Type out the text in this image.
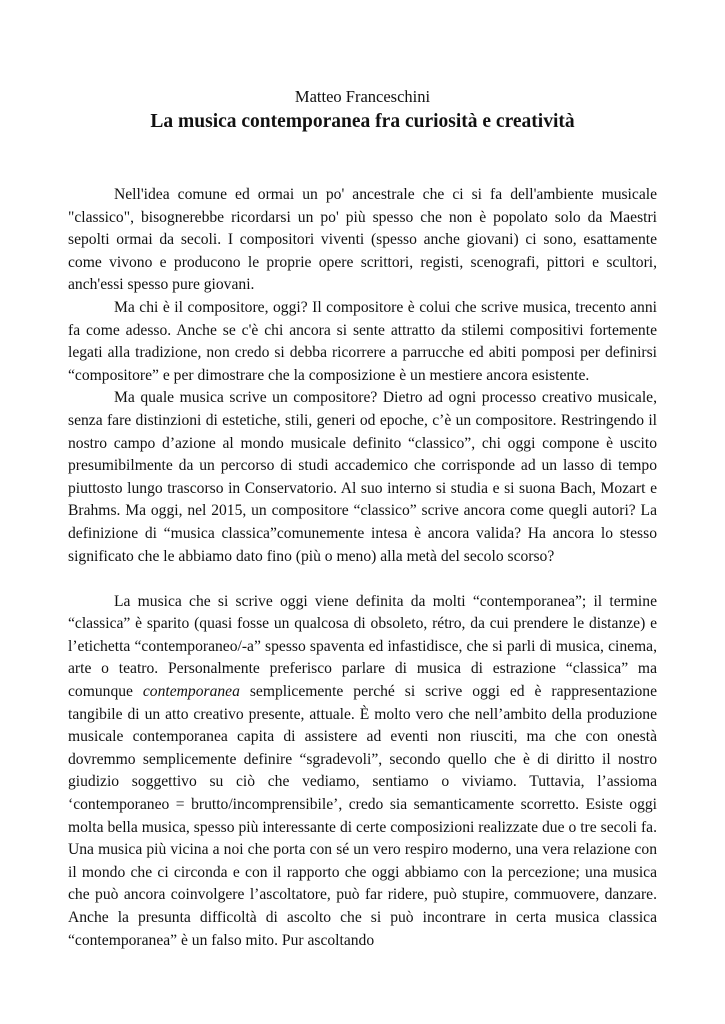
Matteo Franceschini

La musica contemporanea fra curiosità e creatività

Nell'idea comune ed ormai un po' ancestrale che ci si fa dell'ambiente musicale "classico", bisognerebbe ricordarsi un po' più spesso che non è popolato solo da Maestri sepolti ormai da secoli. I compositori viventi (spesso anche giovani) ci sono, esattamente come vivono e producono le proprie opere scrittori, registi, scenografi, pittori e scultori, anch'essi spesso pure giovani.

Ma chi è il compositore, oggi? Il compositore è colui che scrive musica, trecento anni fa come adesso. Anche se c'è chi ancora si sente attratto da stilemi compositivi fortemente legati alla tradizione, non credo si debba ricorrere a parrucche ed abiti pomposi per definirsi “compositore” e per dimostrare che la composizione è un mestiere ancora esistente.

Ma quale musica scrive un compositore? Dietro ad ogni processo creativo musicale, senza fare distinzioni di estetiche, stili, generi od epoche, c’è un compositore. Restringendo il nostro campo d’azione al mondo musicale definito “classico”, chi oggi compone è uscito presumibilmente da un percorso di studi accademico che corrisponde ad un lasso di tempo piuttosto lungo trascorso in Conservatorio. Al suo interno si studia e si suona Bach, Mozart e Brahms. Ma oggi, nel 2015, un compositore “classico” scrive ancora come quegli autori? La definizione di “musica classica”comunemente intesa è ancora valida? Ha ancora lo stesso significato che le abbiamo dato fino (più o meno) alla metà del secolo scorso?

La musica che si scrive oggi viene definita da molti “contemporanea”; il termine “classica” è sparito (quasi fosse un qualcosa di obsoleto, rétro, da cui prendere le distanze) e l’etichetta “contemporaneo/-a” spesso spaventa ed infastidisce, che si parli di musica, cinema, arte o teatro. Personalmente preferisco parlare di musica di estrazione “classica” ma comunque contemporanea semplicemente perché si scrive oggi ed è rappresentazione tangibile di un atto creativo presente, attuale. È molto vero che nell’ambito della produzione musicale contemporanea capita di assistere ad eventi non riusciti, ma che con onestà dovremmo semplicemente definire “sgradevoli”, secondo quello che è di diritto il nostro giudizio soggettivo su ciò che vediamo, sentiamo o viviamo. Tuttavia, l’assioma ‘contemporaneo = brutto/incomprensibile’, credo sia semanticamente scorretto. Esiste oggi molta bella musica, spesso più interessante di certe composizioni realizzate due o tre secoli fa. Una musica più vicina a noi che porta con sé un vero respiro moderno, una vera relazione con il mondo che ci circonda e con il rapporto che oggi abbiamo con la percezione; una musica che può ancora coinvolgere l’ascoltatore, può far ridere, può stupire, commuovere, danzare. Anche la presunta difficoltà di ascolto che si può incontrare in certa musica classica “contemporanea” è un falso mito. Pur ascoltando
